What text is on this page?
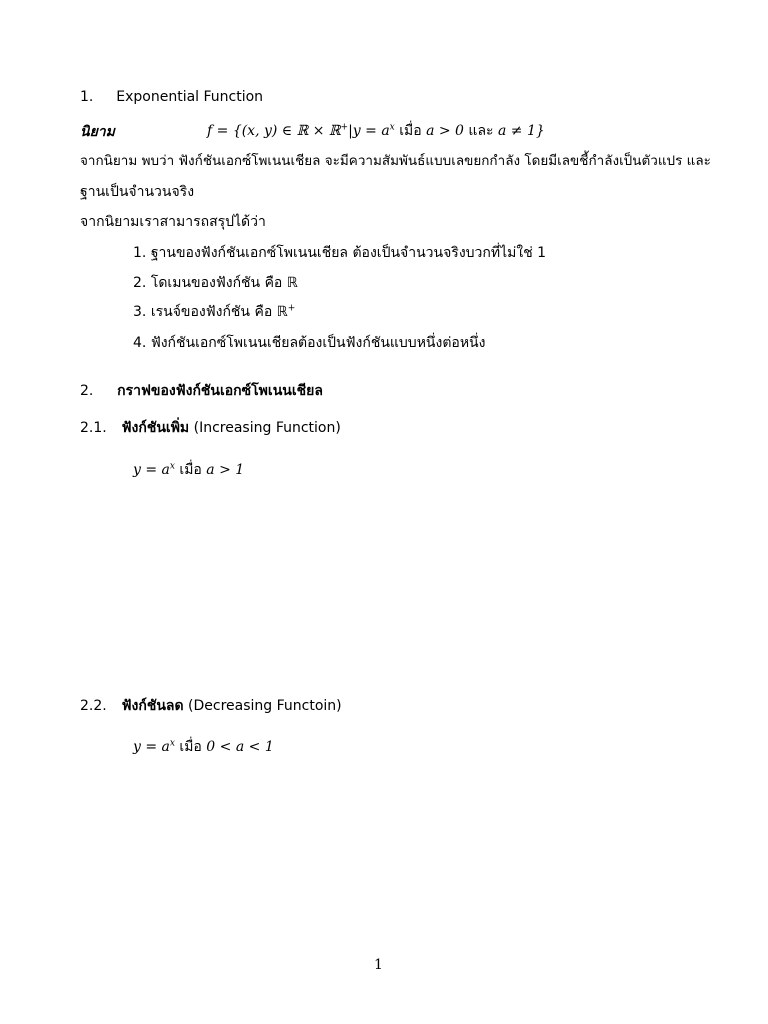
1. Exponential Function
นิยาม	f = {(x, y) ∈ ℝ × ℝ+|y = $a^x$ เมื่อ a > 0 และ a ≠ 1}
จากนิยาม พบว่า ฟังก์ชันเอกซ์โพเนนเชียล จะมีความสัมพันธ์แบบเลขยกกำลัง โดยมีเลขชี้กำลังเป็นตัวแปร และ
ฐานเป็นจำนวนจริง
จากนิยามเราสามารถสรุปได้ว่า
1. ฐานของฟังก์ชันเอกซ์โพเนนเชียล ต้องเป็นจำนวนจริงบวกที่ไม่ใช่ 1
2. โดเมนของฟังก์ชัน คือ ℝ
3. เรนจ์ของฟังก์ชัน คือ ℝ+
4. ฟังก์ชันเอกซ์โพเนนเชียลต้องเป็นฟังก์ชันแบบหนึ่งต่อหนึ่ง
2. กราฟของฟังก์ชันเอกซ์โพเนนเชียล
2.1. ฟังก์ชันเพิ่ม (Increasing Function)
$y = a^x$ เมื่อ a > 1
2.2. ฟังก์ชันลด (Decreasing Functoin)
$y = a^x$ เมื่อ 0 < a < 1
1
